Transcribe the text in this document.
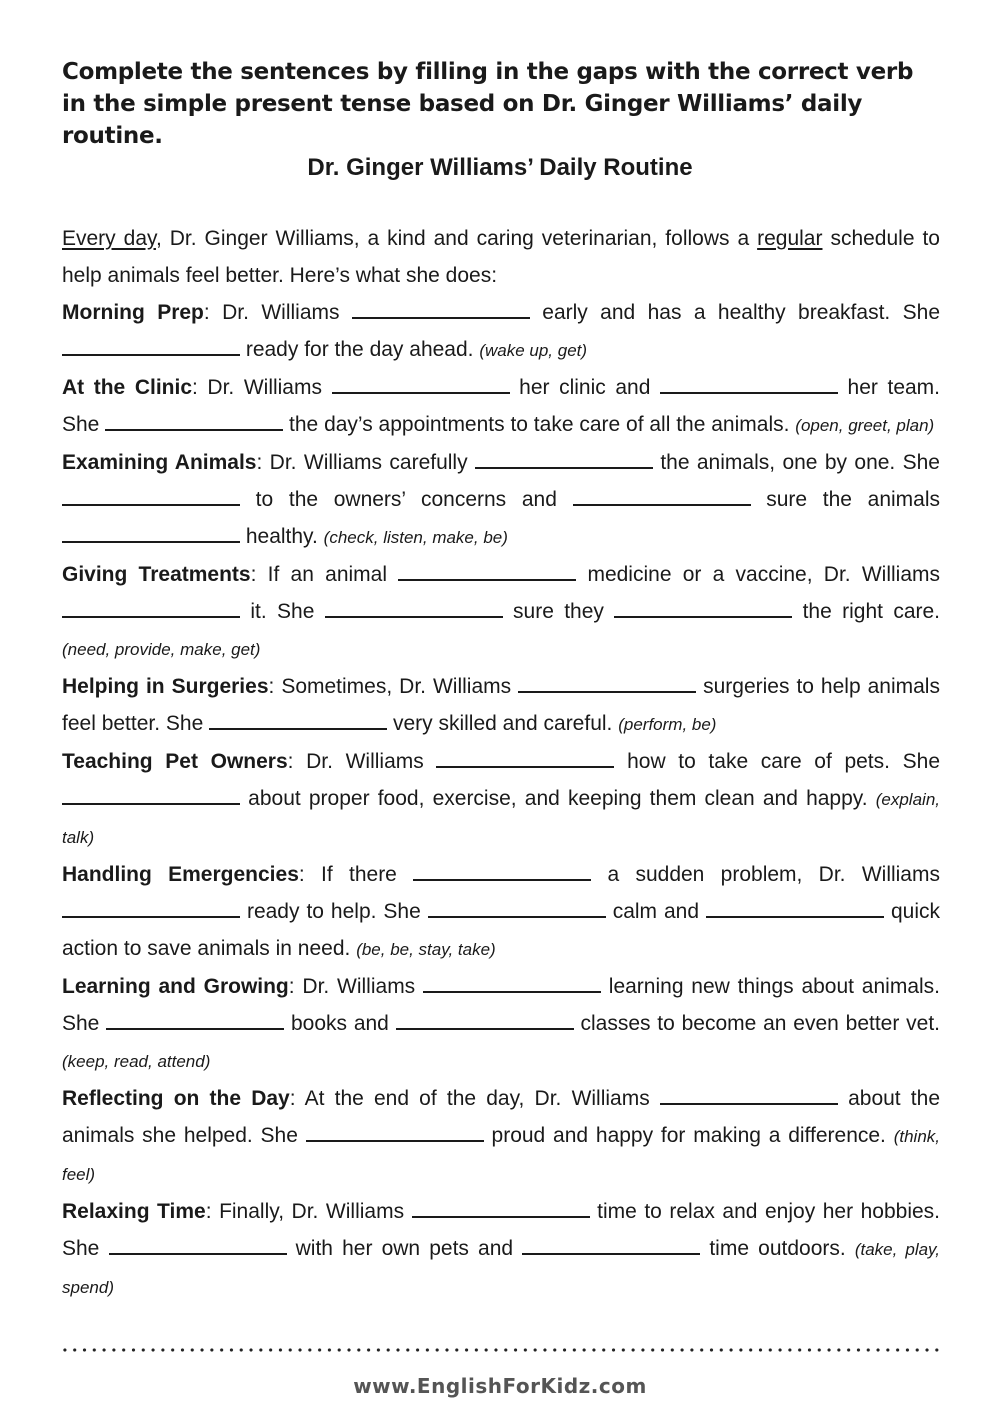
Complete the sentences by filling in the gaps with the correct verb in the simple present tense based on Dr. Ginger Williams’ daily routine.
Dr. Ginger Williams’ Daily Routine

Every day, Dr. Ginger Williams, a kind and caring veterinarian, follows a regular schedule to help animals feel better. Here’s what she does:

Morning Prep: Dr. Williams	early and has a healthy breakfast. She  ready for the day ahead. (wake up, get)

At the Clinic: Dr. Williams	her clinic and	her team. She	the day’s appointments to take care of all the animals. (open, greet, plan)

Examining Animals: Dr. Williams carefully	the animals, one by one. She  to the owners’ concerns and	sure the animals  healthy. (check, listen, make, be)

Giving Treatments: If an animal	medicine or a vaccine, Dr. Williams  it. She	sure they	the right care. (need, provide, make, get)

Helping in Surgeries: Sometimes, Dr. Williams	surgeries to help animals feel better. She	very skilled and careful. (perform, be)

Teaching Pet Owners: Dr. Williams	how to take care of pets. She  about proper food, exercise, and keeping them clean and happy. (explain, talk)

Handling Emergencies: If there	a sudden problem, Dr. Williams  ready to help. She	calm and	quick action to save animals in need. (be, be, stay, take)

Learning and Growing: Dr. Williams	learning new things about animals. She	books and	classes to become an even better vet. (keep, read, attend)

Reflecting on the Day: At the end of the day, Dr. Williams	about the animals she helped. She	proud and happy for making a difference. (think, feel)

Relaxing Time: Finally, Dr. Williams	time to relax and enjoy her hobbies. She	with her own pets and	time outdoors. (take, play, spend)

www.EnglishForKidz.com
